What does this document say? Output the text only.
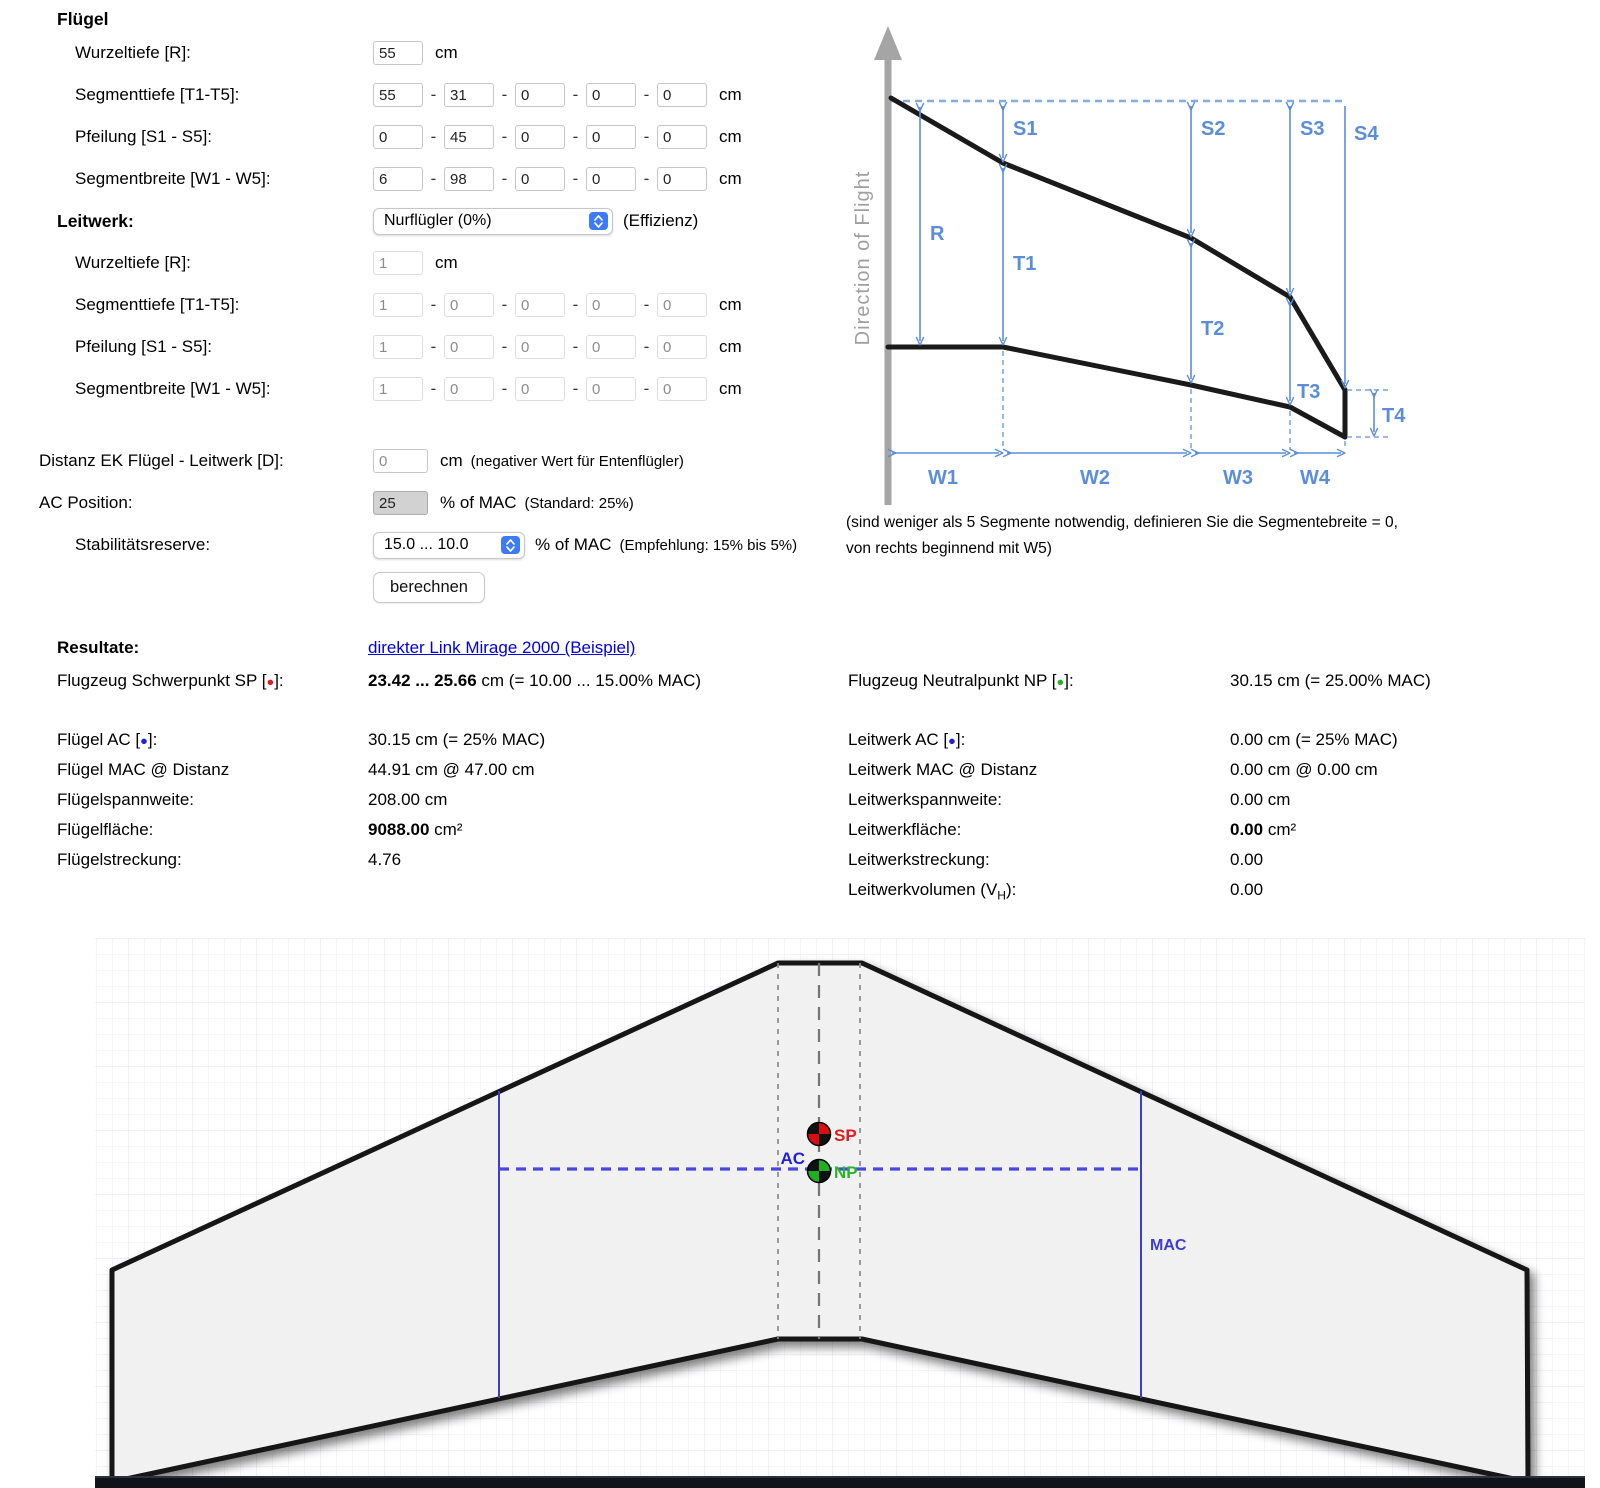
Flügel
Wurzeltiefe [R]:
55	cm
Segmenttiefe [T1-T5]:
55	-
31	-
0	-
0	-
0	cm
Pfeilung [S1 - S5]:
0	-
45	-
0	-
0	-
0	cm
Segmentbreite [W1 - W5]:
6	-
98	-
0	-
0	-
0	cm
Leitwerk:	Nurflügler (0%)	(Effizienz)
Wurzeltiefe [R]:
1	cm
Segmenttiefe [T1-T5]:
1	-
0	-
0	-
0	-
0	cm
Pfeilung [S1 - S5]:
1	-
0	-
0	-
0	-
0	cm
Segmentbreite [W1 - W5]:
1	-
0	-
0	-
0	-
0	cm
Distanz EK Flügel - Leitwerk [D]:
0	cm (negativer Wert für Entenflügler)
AC Position:
25	% of MAC (Standard: 25%)
Stabilitätsreserve:	15.0 ... 10.0	% of MAC (Empfehlung: 15% bis 5%)
berechnen
Direction of Flight	R
S1	S2	S3 S4
T1
T2
T3
T4
W1	W2	W3 W4
(sind weniger als 5 Segmente notwendig, definieren Sie die Segmentebreite = 0,
von rechts beginnend mit W5)
Resultate:	direkter Link Mirage 2000 (Beispiel)
Flugzeug Schwerpunkt SP [●]:	23.42 ... 25.66 cm (= 10.00 ... 15.00% MAC)	Flugzeug Neutralpunkt NP [●]:	30.15 cm (= 25.00% MAC)
Flügel AC [●]:	30.15 cm (= 25% MAC)	Leitwerk AC [●]:	0.00 cm (= 25% MAC)
Flügel MAC @ Distanz	44.91 cm @ 47.00 cm	Leitwerk MAC @ Distanz	0.00 cm @ 0.00 cm
Flügelspannweite:	208.00 cm	Leitwerkspannweite:	0.00 cm
Flügelfläche:	9088.00 cm²	Leitwerkfläche:	0.00 cm²
Flügelstreckung:	4.76	Leitwerkstreckung:	0.00
Leitwerkvolumen $(V_H)$:	0.00
SP
NP
AC
MAC
